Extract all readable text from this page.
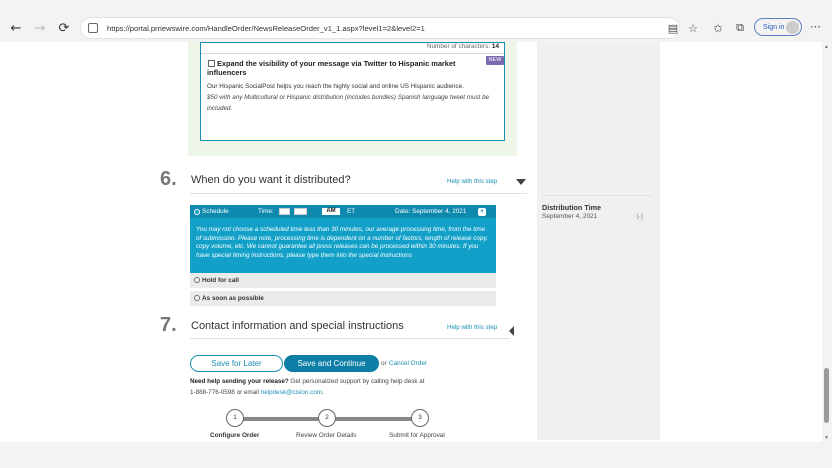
← → ⟳	https://portal.prnewswire.com/HandleOrder/NewsReleaseOrder_v1_1.aspx?level1=2&level2=1	▤ ☆	✩	⧉	Sign in ⋯
Distribution Time
September 4, 2021	[-]
Number of characters: 14
NEW
Expand the visibility of your message via Twitter to Hispanic market influencers
Our Hispanic SocialPost helps you reach the highly social and online US Hispanic audience.
$50 with any Multicultural or Hispanic distribution (includes bundles) Spanish language tweet must be included.
6. When do you want it distributed?	Help with this step
Schedule	Time:	AM	ET	Date: September 4, 2021	+
You may not choose a scheduled time less than 30 minutes, our average processing time, from the time of submission. Please note, processing time is dependent on a number of factors, length of release copy, copy volume, etc. We cannot guarantee all press releases can be processed within 30 minutes. If you have special timing instructions, please type them into the special instructions
Hold for call
As soon as possible
7. Contact information and special instructions	Help with this step
Save for Later	Save and Continue	or Cancel Order
Need help sending your release? Get personalized support by calling help desk at
1-888-776-0598 or email helpdesk@cision.com.
1	2	3
Configure Order	Review Order Details	Submit for Approval
▲
▼
